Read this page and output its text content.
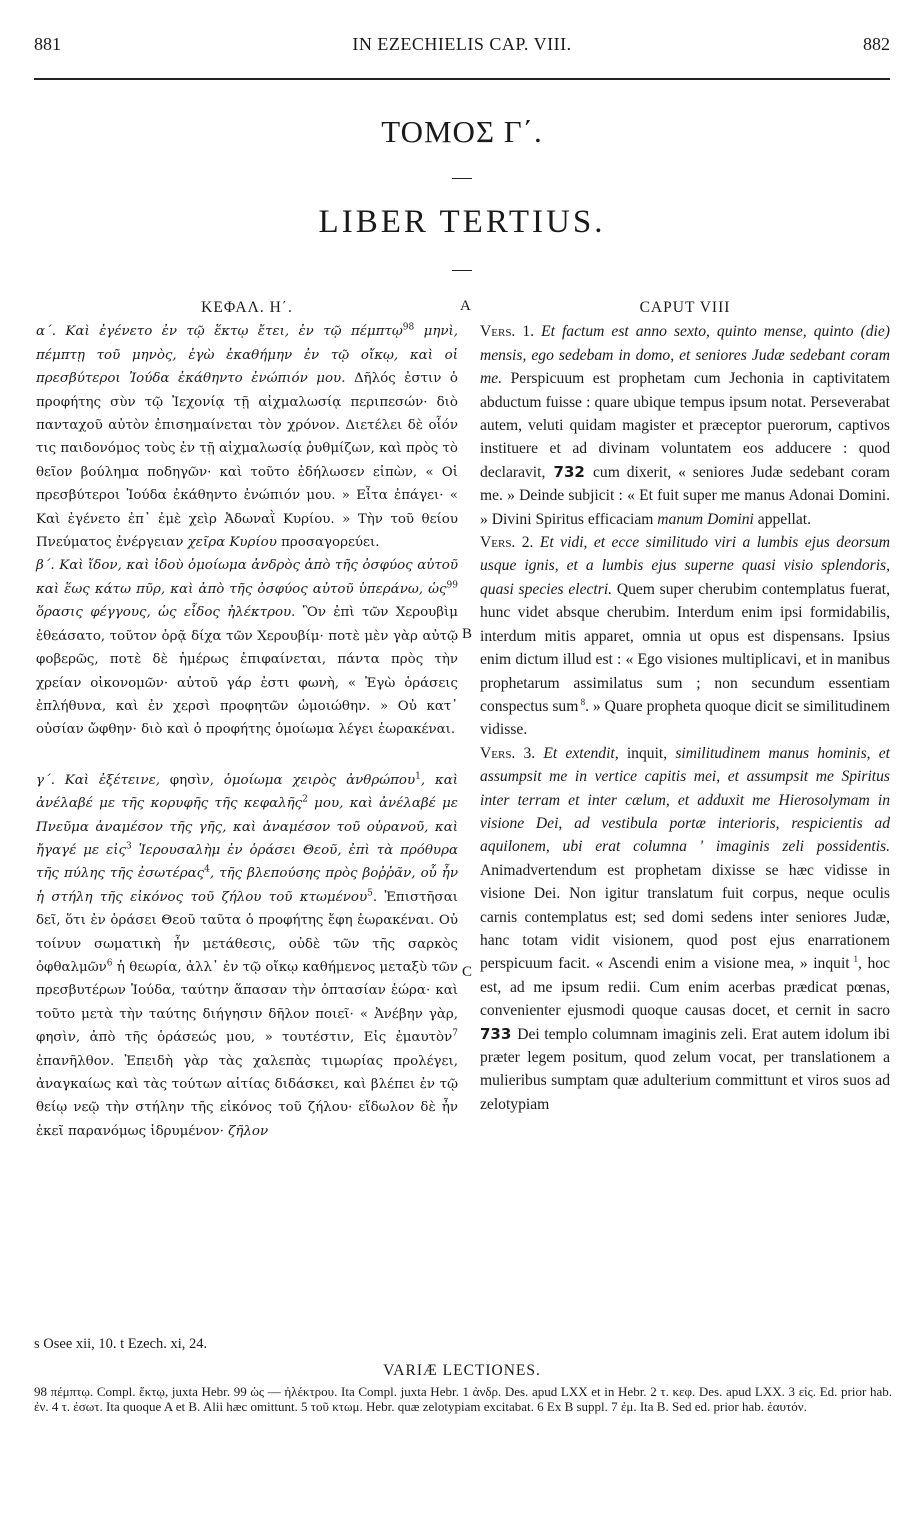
881	IN EZECHIELIS CAP. VIII.	882
ΤΟΜΟΣ Γ΄.
LIBER TERTIUS.
A
B
C
ΚΕΦΑΛ. Η΄.

α΄. Καὶ ἐγένετο ἐν τῷ ἕκτῳ ἔτει, ἐν τῷ πέμπτῳ$^{98}$ μηνὶ, πέμπτῃ τοῦ μηνὸς, ἐγὼ ἐκαθήμην ἐν τῷ οἴκῳ, καὶ οἱ πρεσβύτεροι Ἰούδα ἐκάθηντο ἐνώπιόν μου. Δῆλός ἐστιν ὁ προφήτης σὺν τῷ Ἰεχονίᾳ τῇ αἰχμαλωσίᾳ περιπεσών· διὸ πανταχοῦ αὐτὸν ἐπισημαίνεται τὸν χρόνον. Διετέλει δὲ οἷόν τις παιδονόμος τοὺς ἐν τῇ αἰχμαλωσίᾳ ῥυθμίζων, καὶ πρὸς τὸ θεῖον βούλημα ποδηγῶν· καὶ τοῦτο ἐδήλωσεν εἰπὼν, « Οἱ πρεσβύτεροι Ἰούδα ἐκάθηντο ἐνώπιόν μου. » Εἶτα ἐπάγει· « Καὶ ἐγένετο ἐπ᾿ ἐμὲ χεὶρ Ἀδωναῒ Κυρίου. » Τὴν τοῦ θείου Πνεύματος ἐνέργειαν χεῖρα Κυρίου προσαγορεύει.

β΄. Καὶ ἴδον, καὶ ἰδοὺ ὁμοίωμα ἀνδρὸς ἀπὸ τῆς ὀσφύος αὐτοῦ καὶ ἕως κάτω πῦρ, καὶ ἀπὸ τῆς ὀσφύος αὐτοῦ ὑπεράνω, ὡς$^{99}$ ὅρασις φέγγους, ὡς εἶδος ἠλέκτρου. Ὃν ἐπὶ τῶν Χερουβὶμ ἐθεάσατο, τοῦτον ὁρᾷ δίχα τῶν Χερουβίμ· ποτὲ μὲν γὰρ αὐτῷ φοβερῶς, ποτὲ δὲ ἡμέρως ἐπιφαίνεται, πάντα πρὸς τὴν χρείαν οἰκονομῶν· αὐτοῦ γάρ ἐστι φωνὴ, « Ἐγὼ ὁράσεις ἐπλήθυνα, καὶ ἐν χερσὶ προφητῶν ὡμοιώθην. » Οὐ κατ᾿ οὐσίαν ὤφθην· διὸ καὶ ὁ προφήτης ὁμοίωμα λέγει ἑωρακέναι.

γ΄. Καὶ ἐξέτεινε, φησὶν, ὁμοίωμα χειρὸς ἀνθρώπου$^1$, καὶ ἀνέλαβέ με τῆς κορυφῆς τῆς κεφαλῆς$^2$ μου, καὶ ἀνέλαβέ με Πνεῦμα ἀναμέσον τῆς γῆς, καὶ ἀναμέσον τοῦ οὐρανοῦ, καὶ ἤγαγέ με εἰς$^3$ Ἱερουσαλὴμ ἐν ὁράσει Θεοῦ, ἐπὶ τὰ πρόθυρα τῆς πύλης τῆς ἐσωτέρας$^4$, τῆς βλεπούσης πρὸς βοῤῥᾶν, οὗ ἦν ἡ στήλη τῆς εἰκόνος τοῦ ζήλου τοῦ κτωμένου$^5$. Ἐπιστῆσαι δεῖ, ὅτι ἐν ὁράσει Θεοῦ ταῦτα ὁ προφήτης ἔφη ἑωρακέναι. Οὐ τοίνυν σωματικὴ ἦν μετάθεσις, οὐδὲ τῶν τῆς σαρκὸς ὀφθαλμῶν$^6$ ἡ θεωρία, ἀλλ᾿ ἐν τῷ οἴκῳ καθήμενος μεταξὺ τῶν πρεσβυτέρων Ἰούδα, ταύτην ἅπασαν τὴν ὀπτασίαν ἑώρα· καὶ τοῦτο μετὰ τὴν ταύτης διήγησιν δῆλον ποιεῖ· « Ἀνέβην γὰρ, φησὶν, ἀπὸ τῆς ὁράσεώς μου, » τουτέστιν, Εἰς ἐμαυτὸν$^7$ ἐπανῆλθον. Ἐπειδὴ γὰρ τὰς χαλεπὰς τιμωρίας προλέγει, ἀναγκαίως καὶ τὰς τούτων αἰτίας διδάσκει, καὶ βλέπει ἐν τῷ θείῳ νεῷ τὴν στήλην τῆς εἰκόνος τοῦ ζήλου· εἴδωλον δὲ ἦν ἐκεῖ παρανόμως ἱδρυμένον· ζῆλον

CAPUT VIII

Vers. 1. Et factum est anno sexto, quinto mense, quinto (die) mensis, ego sedebam in domo, et seniores Judæ sedebant coram me. Perspicuum est prophetam cum Jechonia in captivitatem abductum fuisse : quare ubique tempus ipsum notat. Perseverabat autem, veluti quidam magister et præceptor puerorum, captivos instituere et ad divinam voluntatem eos adducere : quod declaravit, 732 cum dixerit, « seniores Judæ sedebant coram me. » Deinde subjicit : « Et fuit super me manus Adonai Domini. » Divini Spiritus efficaciam manum Domini appellat.

Vers. 2. Et vidi, et ecce similitudo viri a lumbis ejus deorsum usque ignis, et a lumbis ejus superne quasi visio splendoris, quasi species electri. Quem super cherubim contemplatus fuerat, hunc videt absque cherubim. Interdum enim ipsi formidabilis, interdum mitis apparet, omnia ut opus est dispensans. Ipsius enim dictum illud est : « Ego visiones multiplicavi, et in manibus prophetarum assimilatus sum ; non secundum essentiam conspectus sum $^8$. » Quare propheta quoque dicit se similitudinem vidisse.

Vers. 3. Et extendit, inquit, similitudinem manus hominis, et assumpsit me in vertice capitis mei, et assumpsit me Spiritus inter terram et inter cælum, et adduxit me Hierosolymam in visione Dei, ad vestibula portæ interioris, respicientis ad aquilonem, ubi erat columna ' imaginis zeli possidentis. Animadvertendum est prophetam dixisse se hæc vidisse in visione Dei. Non igitur translatum fuit corpus, neque oculis carnis contemplatus est; sed domi sedens inter seniores Judæ, hanc totam vidit visionem, quod post ejus enarrationem perspicuum facit. « Ascendi enim a visione mea, » inquit $^1$, hoc est, ad me ipsum redii. Cum enim acerbas prædicat pœnas, convenienter ejusmodi quoque causas docet, et cernit in sacro 733 Dei templo columnam imaginis zeli. Erat autem idolum ibi præter legem positum, quod zelum vocat, per translationem a mulieribus sumptam quæ adulterium committunt et viros suos ad zelotypiam

s Osee xii, 10. t Ezech. xi, 24.
VARIÆ LECTIONES.
98 πέμπτῳ. Compl. ἕκτῳ, juxta Hebr. 99 ὡς — ἠλέκτρου. Ita Compl. juxta Hebr. 1 ἀνδρ. Des. apud LXX et in Hebr. 2 τ. κεφ. Des. apud LXX. 3 εἰς. Ed. prior hab. ἐν. 4 τ. ἐσωτ. Ita quoque A et B. Alii hæc omittunt. 5 τοῦ κτωμ. Hebr. quæ zelotypiam excitabat. 6 Ex B suppl. 7 ἐμ. Ita B. Sed ed. prior hab. ἑαυτόν.
